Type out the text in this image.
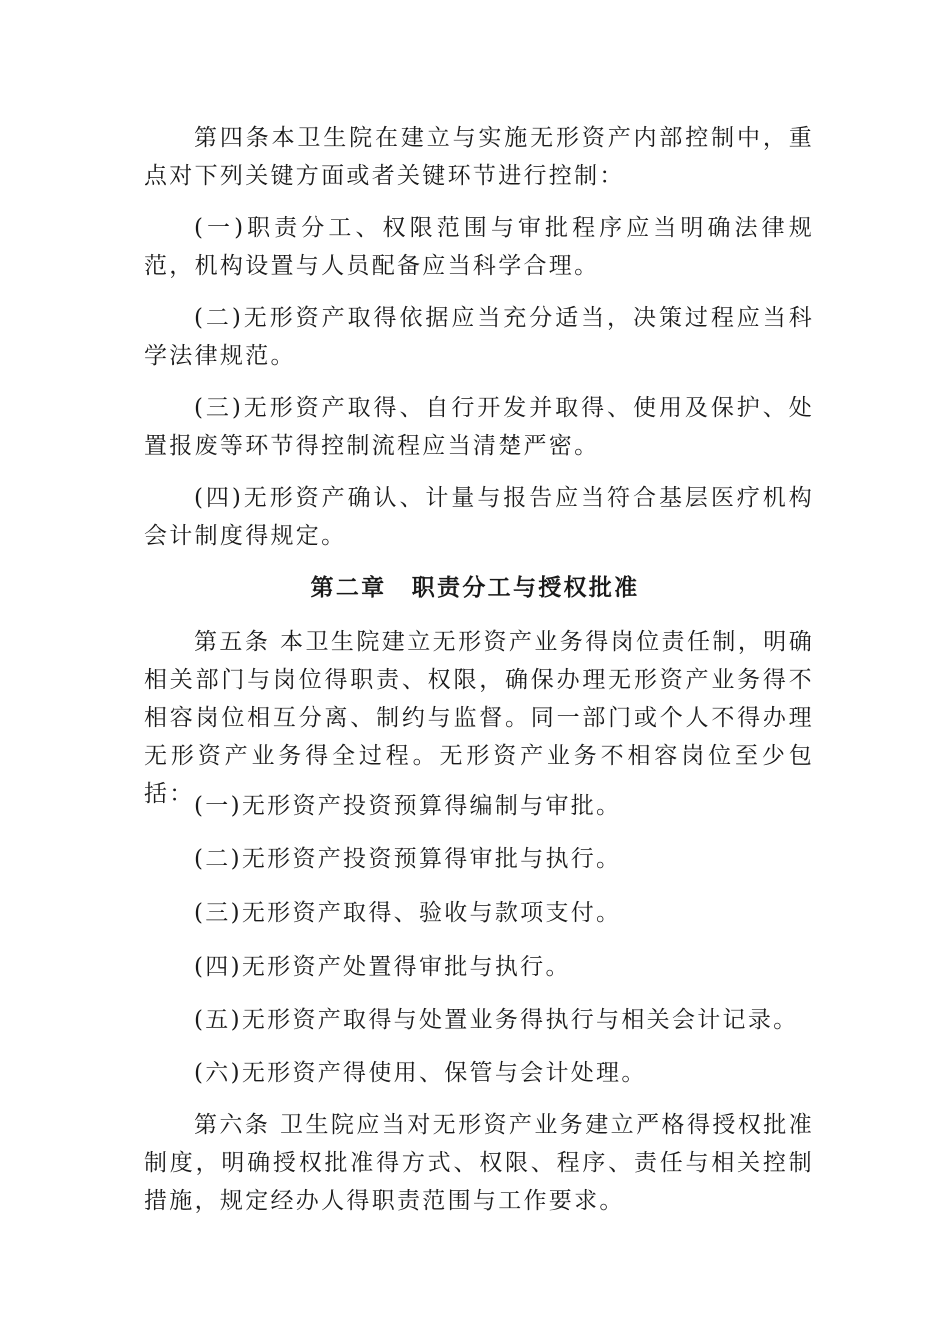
第四条本卫生院在建立与实施无形资产内部控制中，重点对下列关键方面或者关键环节进行控制：

(一)职责分工、权限范围与审批程序应当明确法律规范，机构设置与人员配备应当科学合理。

(二)无形资产取得依据应当充分适当，决策过程应当科学法律规范。

(三)无形资产取得、自行开发并取得、使用及保护、处置报废等环节得控制流程应当清楚严密。

(四)无形资产确认、计量与报告应当符合基层医疗机构会计制度得规定。

第二章　职责分工与授权批准

第五条 本卫生院建立无形资产业务得岗位责任制，明确相关部门与岗位得职责、权限，确保办理无形资产业务得不相容岗位相互分离、制约与监督。同一部门或个人不得办理无形资产业务得全过程。无形资产业务不相容岗位至少包括： (一)无形资产投资预算得编制与审批。

(二)无形资产投资预算得审批与执行。

(三)无形资产取得、验收与款项支付。

(四)无形资产处置得审批与执行。

(五)无形资产取得与处置业务得执行与相关会计记录。

(六)无形资产得使用、保管与会计处理。

第六条 卫生院应当对无形资产业务建立严格得授权批准制度，明确授权批准得方式、权限、程序、责任与相关控制措施，规定经办人得职责范围与工作要求。
